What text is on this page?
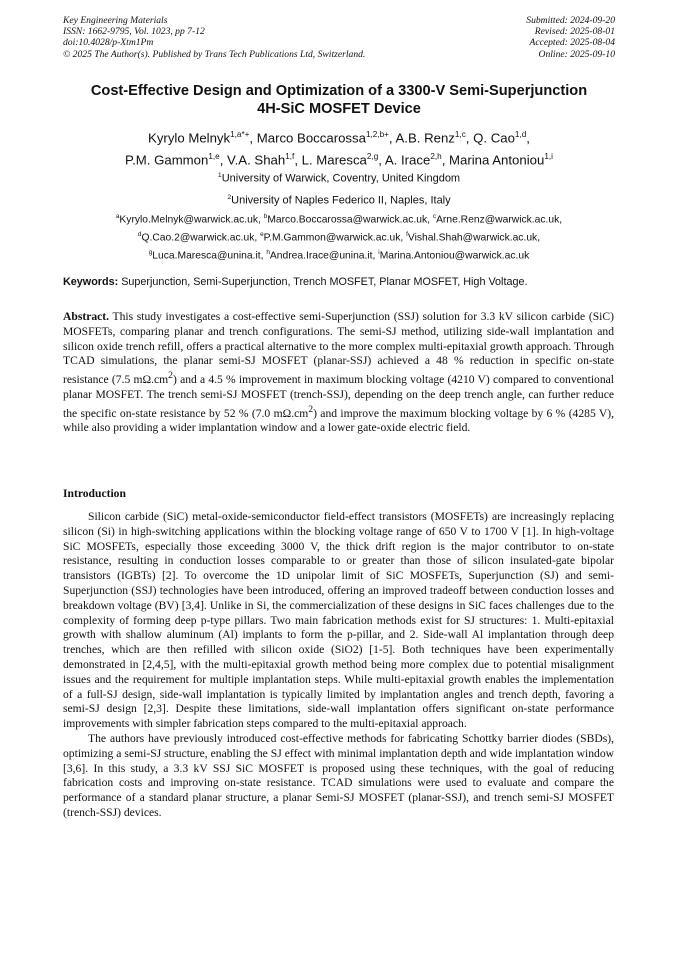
Key Engineering Materials
ISSN: 1662-9795, Vol. 1023, pp 7-12
doi:10.4028/p-Xtm1Pm
© 2025 The Author(s). Published by Trans Tech Publications Ltd, Switzerland.
Submitted: 2024-09-20
Revised: 2025-08-01
Accepted: 2025-08-04
Online: 2025-09-10
Cost-Effective Design and Optimization of a 3300-V Semi-Superjunction
4H-SiC MOSFET Device
Kyrylo Melnyk$^{1,a*+}$, Marco Boccarossa$^{1,2,b+}$, A.B. Renz$^{1,c}$, Q. Cao$^{1,d}$,
P.M. Gammon$^{1,e}$, V.A. Shah$^{1,f}$, L. Maresca$^{2,g}$, A. Irace$^{2,h}$, Marina Antoniou$^{1,i}$
$^1$University of Warwick, Coventry, United Kingdom
$^2$University of Naples Federico II, Naples, Italy
$^a$Kyrylo.Melnyk@warwick.ac.uk, $^b$Marco.Boccarossa@warwick.ac.uk, $^c$Arne.Renz@warwick.ac.uk,
$^d$Q.Cao.2@warwick.ac.uk, $^e$P.M.Gammon@warwick.ac.uk, $^f$Vishal.Shah@warwick.ac.uk,
$^g$Luca.Maresca@unina.it, $^h$Andrea.Irace@unina.it, $^i$Marina.Antoniou@warwick.ac.uk
Keywords: Superjunction, Semi-Superjunction, Trench MOSFET, Planar MOSFET, High Voltage.
Abstract. This study investigates a cost-effective semi-Superjunction (SSJ) solution for 3.3 kV silicon carbide (SiC) MOSFETs, comparing planar and trench configurations. The semi-SJ method, utilizing side-wall implantation and silicon oxide trench refill, offers a practical alternative to the more complex multi-epitaxial growth approach. Through TCAD simulations, the planar semi-SJ MOSFET (planar-SSJ) achieved a 48 % reduction in specific on-state resistance (7.5 $m\Omega.cm^2$) and a 4.5 % improvement in maximum blocking voltage (4210 V) compared to conventional planar MOSFET. The trench semi-SJ MOSFET (trench-SSJ), depending on the deep trench angle, can further reduce the specific on-state resistance by 52 % (7.0 $m\Omega.cm^2$) and improve the maximum blocking voltage by 6 % (4285 V), while also providing a wider implantation window and a lower gate-oxide electric field.
Introduction

Silicon carbide (SiC) metal-oxide-semiconductor field-effect transistors (MOSFETs) are increasingly replacing silicon (Si) in high-switching applications within the blocking voltage range of 650 V to 1700 V [1]. In high-voltage SiC MOSFETs, especially those exceeding 3000 V, the thick drift region is the major contributor to on-state resistance, resulting in conduction losses comparable to or greater than those of silicon insulated-gate bipolar transistors (IGBTs) [2]. To overcome the 1D unipolar limit of SiC MOSFETs, Superjunction (SJ) and semi-Superjunction (SSJ) technologies have been introduced, offering an improved tradeoff between conduction losses and breakdown voltage (BV) [3,4]. Unlike in Si, the commercialization of these designs in SiC faces challenges due to the complexity of forming deep p-type pillars. Two main fabrication methods exist for SJ structures: 1. Multi-epitaxial growth with shallow aluminum (Al) implants to form the p-pillar, and 2. Side-wall Al implantation through deep trenches, which are then refilled with silicon oxide (SiO2) [1-5]. Both techniques have been experimentally demonstrated in [2,4,5], with the multi-epitaxial growth method being more complex due to potential misalignment issues and the requirement for multiple implantation steps. While multi-epitaxial growth enables the implementation of a full-SJ design, side-wall implantation is typically limited by implantation angles and trench depth, favoring a semi-SJ design [2,3]. Despite these limitations, side-wall implantation offers significant on-state performance improvements with simpler fabrication steps compared to the multi-epitaxial approach.

The authors have previously introduced cost-effective methods for fabricating Schottky barrier diodes (SBDs), optimizing a semi-SJ structure, enabling the SJ effect with minimal implantation depth and wide implantation window [3,6]. In this study, a 3.3 kV SSJ SiC MOSFET is proposed using these techniques, with the goal of reducing fabrication costs and improving on-state resistance. TCAD simulations were used to evaluate and compare the performance of a standard planar structure, a planar Semi-SJ MOSFET (planar-SSJ), and trench semi-SJ MOSFET (trench-SSJ) devices.
